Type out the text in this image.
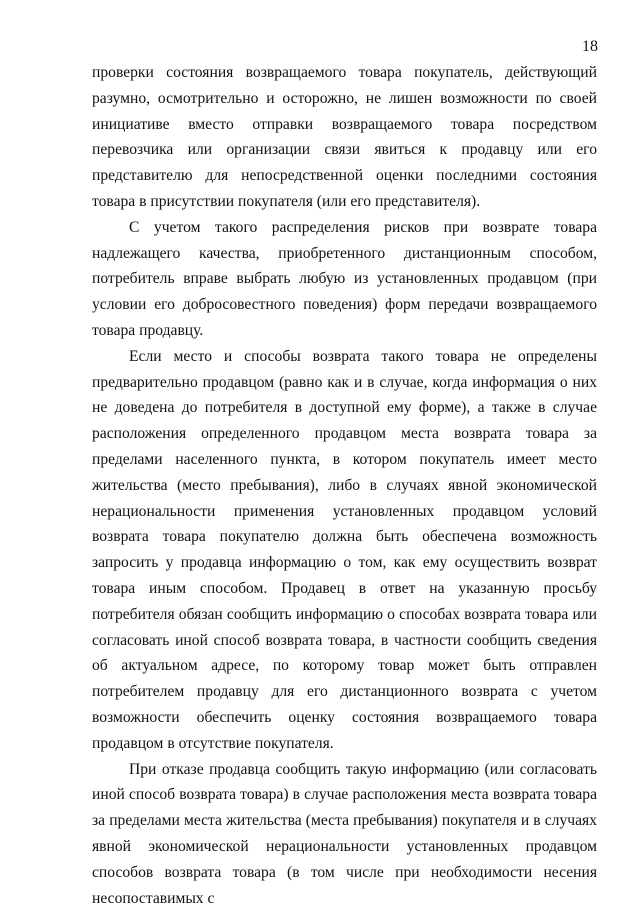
18

проверки состояния возвращаемого товара покупатель, действующий разумно, осмотрительно и осторожно, не лишен возможности по своей инициативе вместо отправки возвращаемого товара посредством перевозчика или организации связи явиться к продавцу или его представителю для непосредственной оценки последними состояния товара в присутствии покупателя (или его представителя).

С учетом такого распределения рисков при возврате товара надлежащего качества, приобретенного дистанционным способом, потребитель вправе выбрать любую из установленных продавцом (при условии его добросовестного поведения) форм передачи возвращаемого товара продавцу.

Если место и способы возврата такого товара не определены предварительно продавцом (равно как и в случае, когда информация о них не доведена до потребителя в доступной ему форме), а также в случае расположения определенного продавцом места возврата товара за пределами населенного пункта, в котором покупатель имеет место жительства (место пребывания), либо в случаях явной экономической нерациональности применения установленных продавцом условий возврата товара покупателю должна быть обеспечена возможность запросить у продавца информацию о том, как ему осуществить возврат товара иным способом. Продавец в ответ на указанную просьбу потребителя обязан сообщить информацию о способах возврата товара или согласовать иной способ возврата товара, в частности сообщить сведения об актуальном адресе, по которому товар может быть отправлен потребителем продавцу для его дистанционного возврата с учетом возможности обеспечить оценку состояния возвращаемого товара продавцом в отсутствие покупателя.

При отказе продавца сообщить такую информацию (или согласовать иной способ возврата товара) в случае расположения места возврата товара за пределами места жительства (места пребывания) покупателя и в случаях явной экономической нерациональности установленных продавцом способов возврата товара (в том числе при необходимости несения несопоставимых с
